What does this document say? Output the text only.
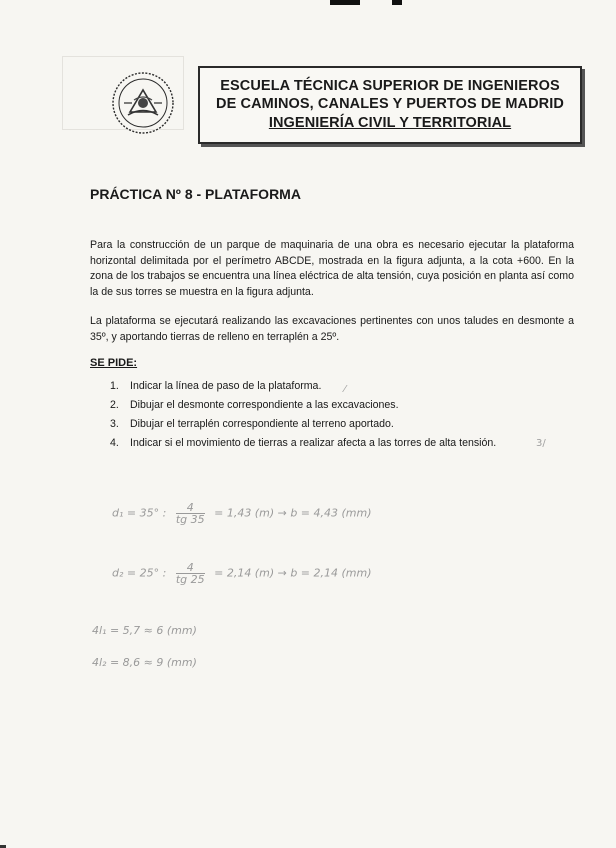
ESCUELA TÉCNICA SUPERIOR DE INGENIEROS
DE CAMINOS, CANALES Y PUERTOS DE MADRID
INGENIERÍA CIVIL Y TERRITORIAL
PRÁCTICA Nº 8 - PLATAFORMA
Para la construcción de un parque de maquinaria de una obra es necesario ejecutar la plataforma horizontal delimitada por el perímetro ABCDE, mostrada en la figura adjunta, a la cota +600. En la zona de los trabajos se encuentra una línea eléctrica de alta tensión, cuya posición en planta así como la de sus torres se muestra en la figura adjunta.
La plataforma se ejecutará realizando las excavaciones pertinentes con unos taludes en desmonte a 35º, y aportando tierras de relleno en terraplén a 25º.
SE PIDE:
1.	Indicar la línea de paso de la plataforma.
2.	Dibujar el desmonte correspondiente a las excavaciones.
3.	Dibujar el terraplén correspondiente al terreno aportado.
4.	Indicar si el movimiento de tierras a realizar afecta a las torres de alta tensión.
⁄
3/
d₁ = 35° : $\frac{4}{tg 35} = 1,43$ (m) → b = 4,43 (mm)
d₂ = 25° : $\frac{4}{tg 25} = 2,14$ (m) → b = 2,14 (mm)
4l₁ = 5,7 ≈ 6 (mm)
4l₂ = 8,6 ≈ 9 (mm)
